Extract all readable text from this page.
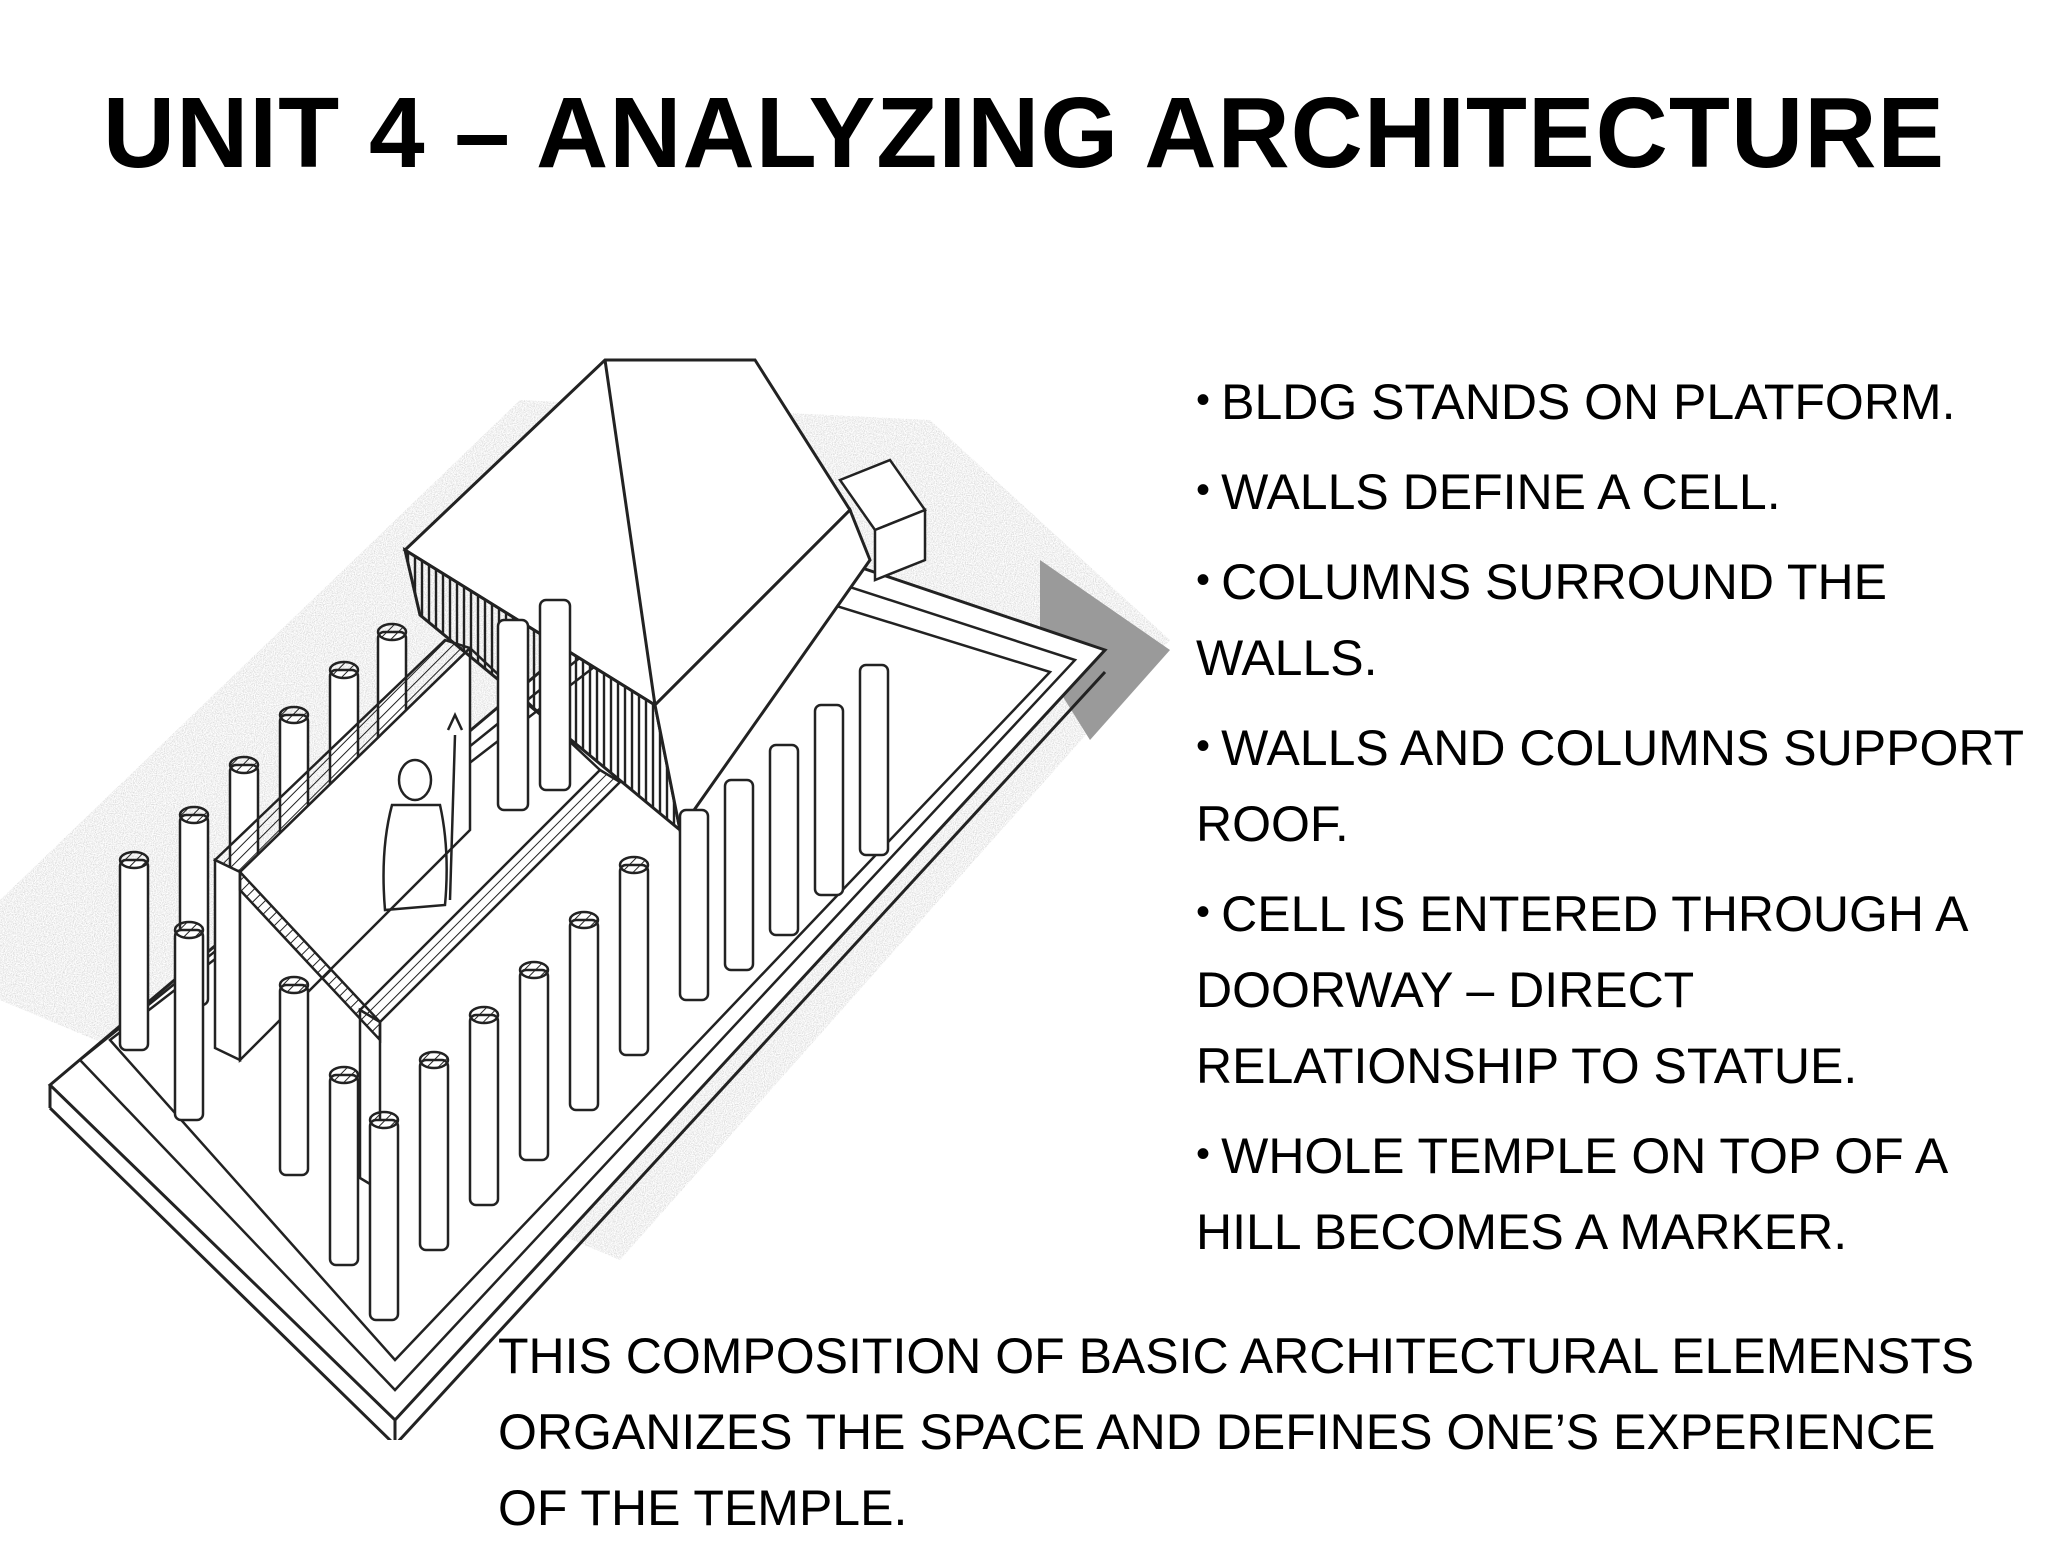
UNIT 4 – ANALYZING ARCHITECTURE
• BLDG STANDS ON PLATFORM.
• WALLS DEFINE A CELL.
• COLUMNS SURROUND THE WALLS.
• WALLS AND COLUMNS SUPPORT ROOF.
• CELL IS ENTERED THROUGH A DOORWAY – DIRECT RELATIONSHIP TO STATUE.
• WHOLE TEMPLE ON TOP OF A HILL BECOMES A MARKER.

THIS COMPOSITION OF BASIC ARCHITECTURAL ELEMENSTS ORGANIZES THE SPACE AND DEFINES ONE’S EXPERIENCE OF THE TEMPLE.
